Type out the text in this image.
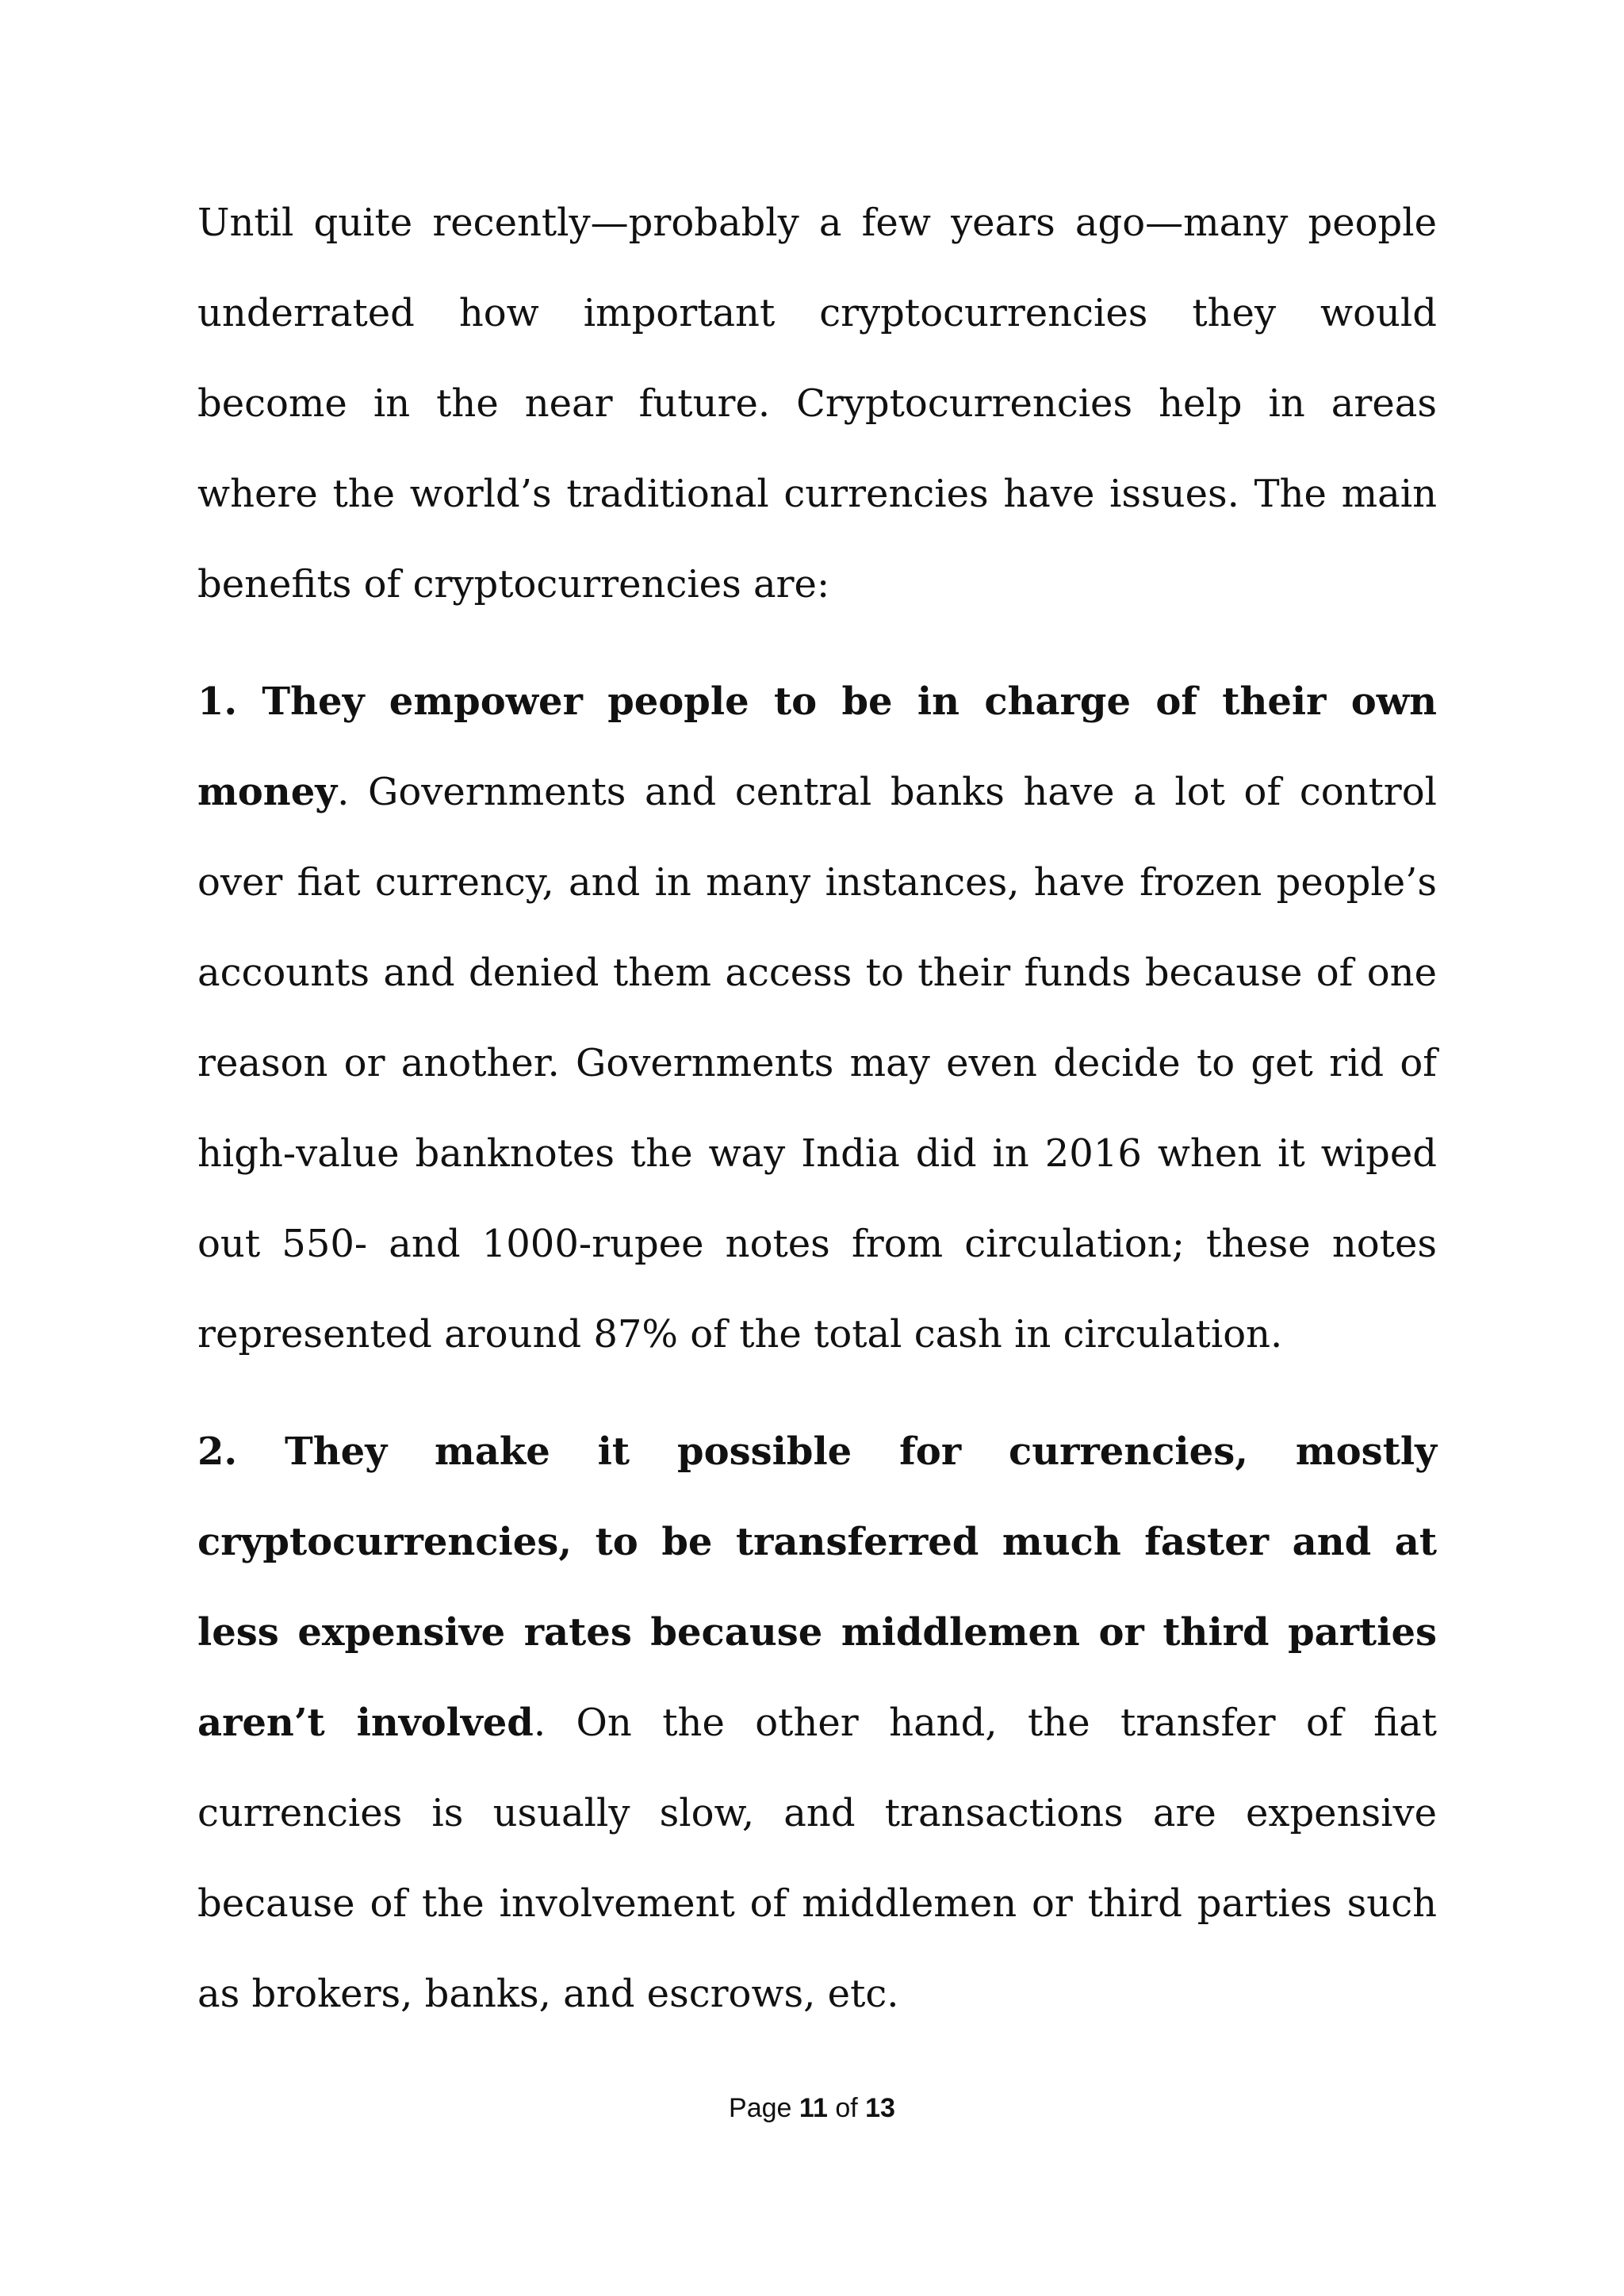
Until quite recently—probably a few years ago—many people underrated how important cryptocurrencies they would become in the near future. Cryptocurrencies help in areas where the world’s traditional currencies have issues. The main benefits of cryptocurrencies are:

1. They empower people to be in charge of their own money. Governments and central banks have a lot of control over fiat currency, and in many instances, have frozen people’s accounts and denied them access to their funds because of one reason or another. Governments may even decide to get rid of high-value banknotes the way India did in 2016 when it wiped out 550- and 1000-rupee notes from circulation; these notes represented around 87% of the total cash in circulation.

2. They make it possible for currencies, mostly cryptocurrencies, to be transferred much faster and at less expensive rates because middlemen or third parties aren’t involved. On the other hand, the transfer of fiat currencies is usually slow, and transactions are expensive because of the involvement of middlemen or third parties such as brokers, banks, and escrows, etc.

Page 11 of 13
